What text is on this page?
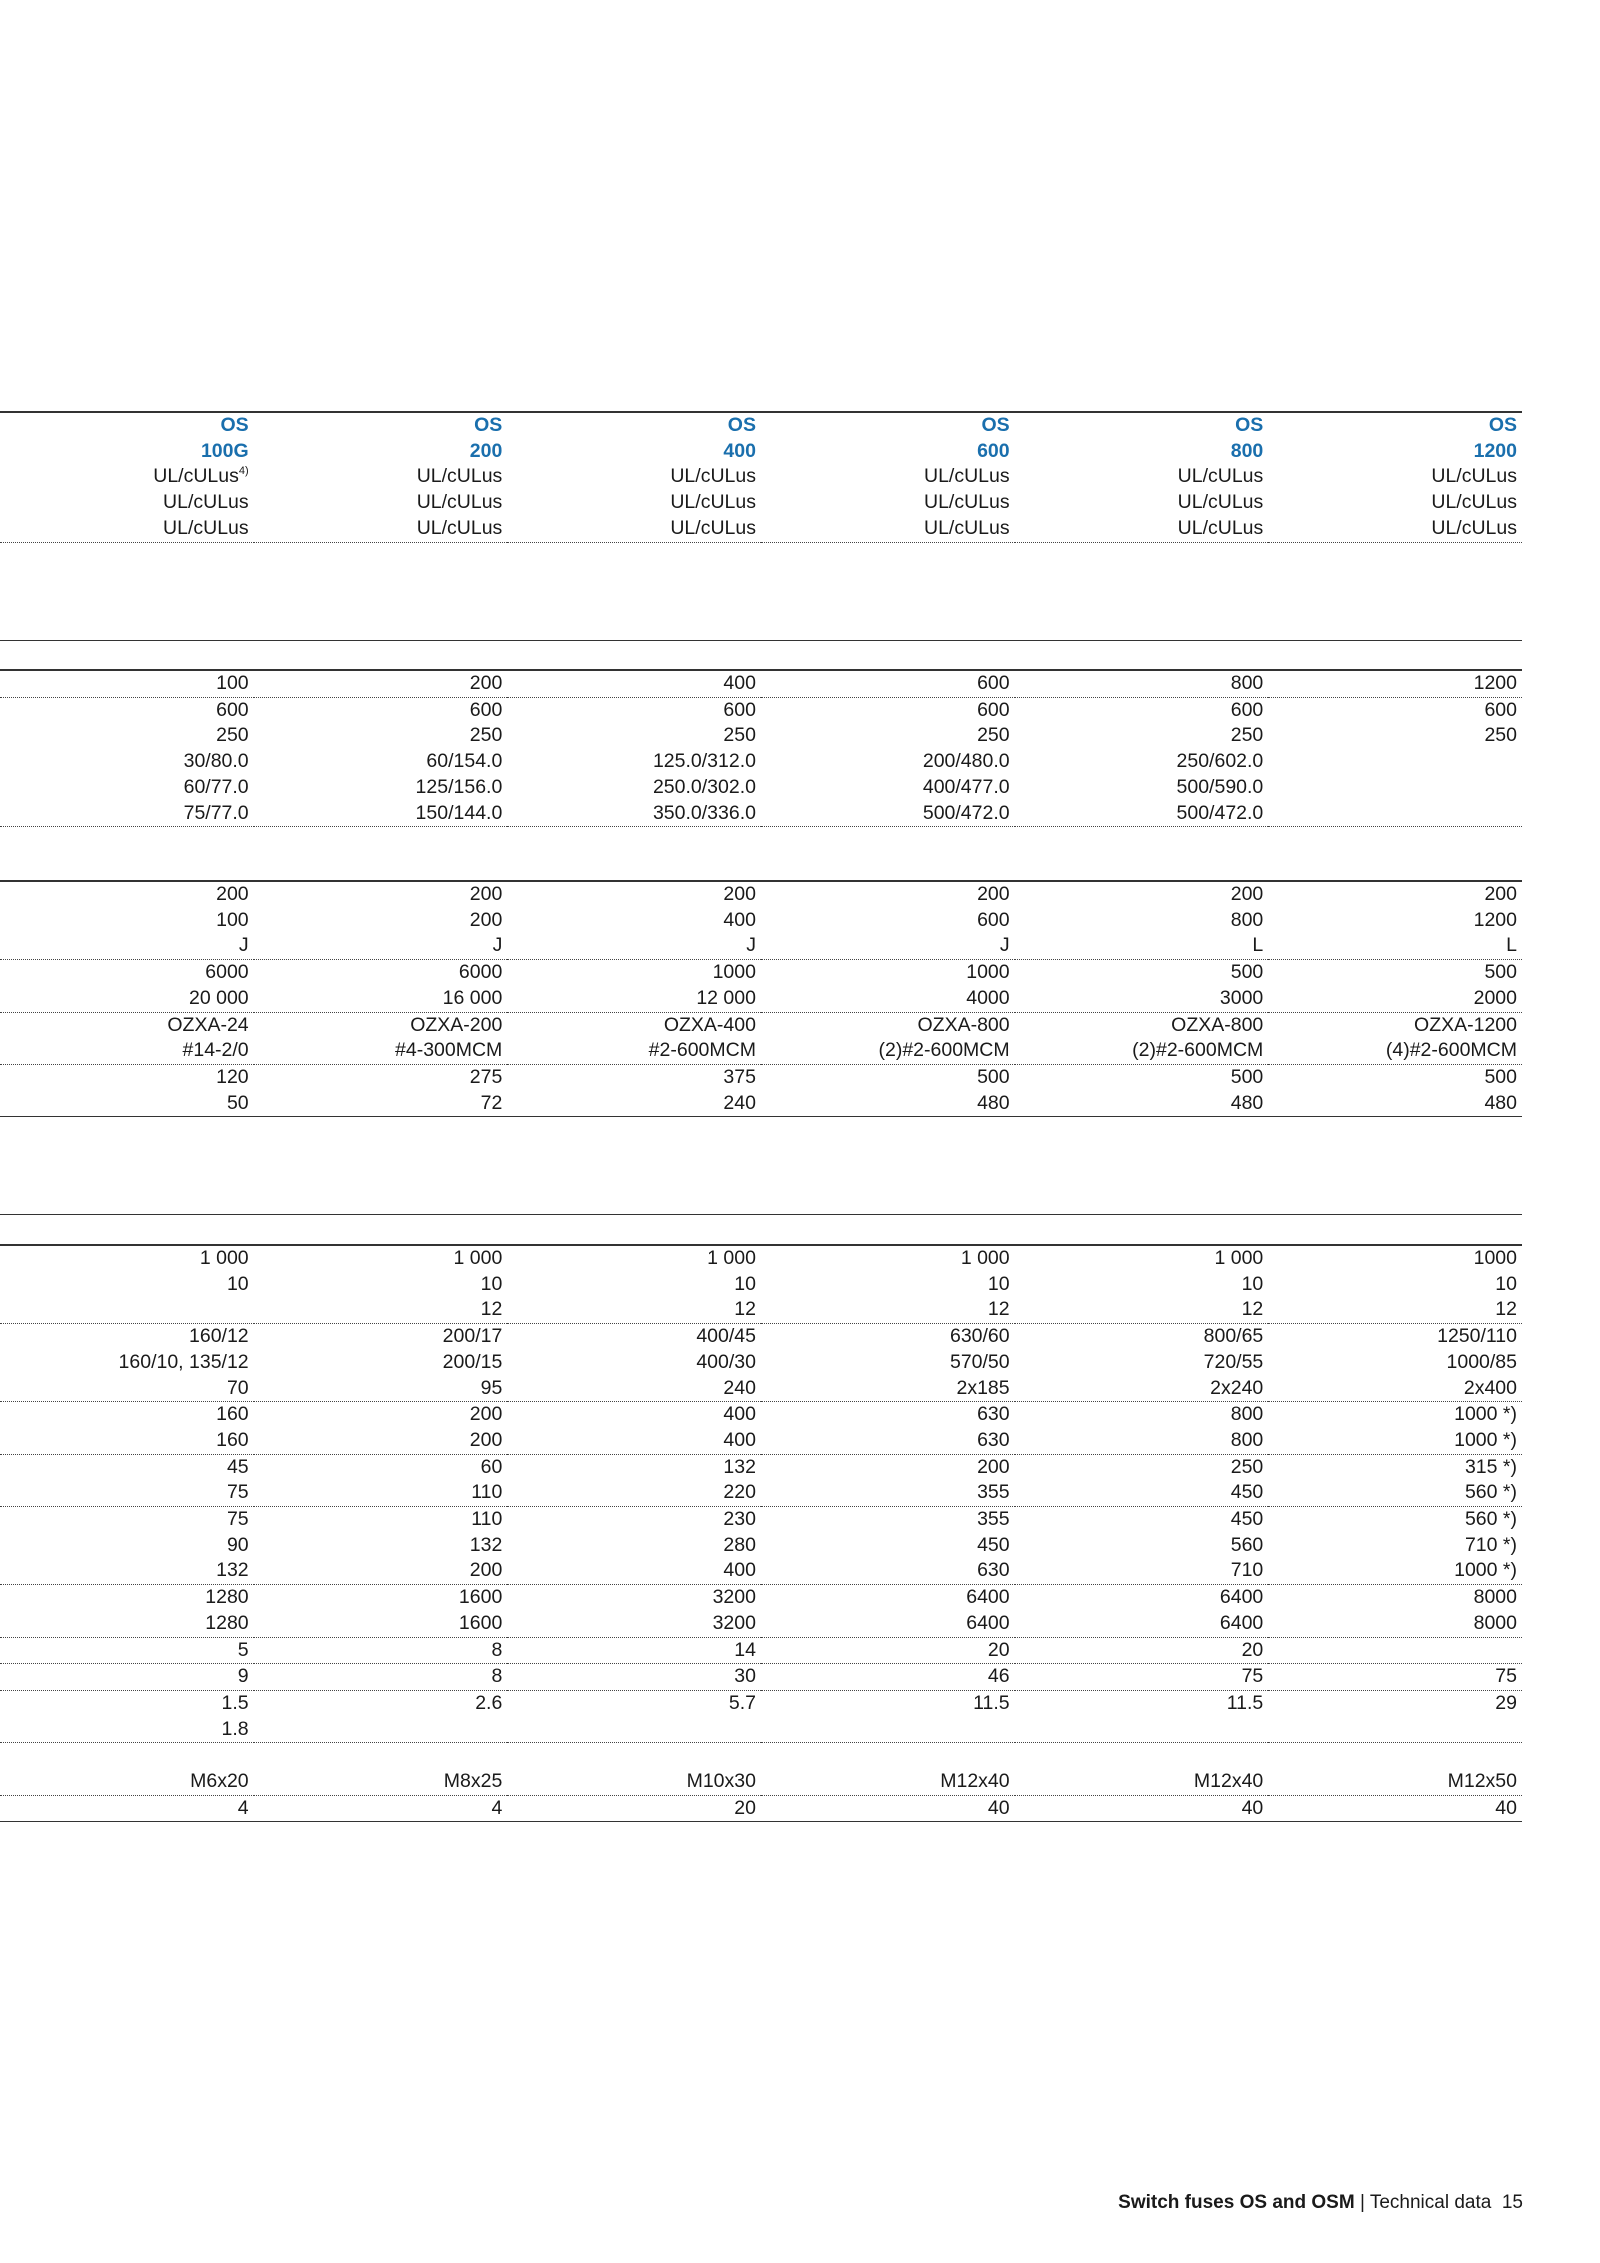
OS	OS	OS	OS	OS	OS
100G	200	400	600	800	1200
UL/cULus$^{4)}$	UL/cULus	UL/cULus	UL/cULus	UL/cULus	UL/cULus
UL/cULus	UL/cULus	UL/cULus	UL/cULus	UL/cULus	UL/cULus
UL/cULus	UL/cULus	UL/cULus	UL/cULus	UL/cULus	UL/cULus
100	200	400	600	800	1200
600	600	600	600	600	600
250	250	250	250	250	250
30/80.0	60/154.0	125.0/312.0	200/480.0	250/602.0	
60/77.0	125/156.0	250.0/302.0	400/477.0	500/590.0	
75/77.0	150/144.0	350.0/336.0	500/472.0	500/472.0	
200	200	200	200	200	200
100	200	400	600	800	1200
J	J	J	J	L	L
6000	6000	1000	1000	500	500
20 000	16 000	12 000	4000	3000	2000
OZXA-24	OZXA-200	OZXA-400	OZXA-800	OZXA-800	OZXA-1200
#14-2/0	#4-300MCM	#2-600MCM	(2)#2-600MCM	(2)#2-600MCM	(4)#2-600MCM
120	275	375	500	500	500
50	72	240	480	480	480
1 000	1 000	1 000	1 000	1 000	1000
10	10	10	10	10	10
	12	12	12	12	12
160/12	200/17	400/45	630/60	800/65	1250/110
160/10, 135/12	200/15	400/30	570/50	720/55	1000/85
70	95	240	2x185	2x240	2x400
160	200	400	630	800	1000 *)
160	200	400	630	800	1000 *)
45	60	132	200	250	315 *)
75	110	220	355	450	560 *)
75	110	230	355	450	560 *)
90	132	280	450	560	710 *)
132	200	400	630	710	1000 *)
1280	1600	3200	6400	6400	8000
1280	1600	3200	6400	6400	8000
5	8	14	20	20	
9	8	30	46	75	75
1.5	2.6	5.7	11.5	11.5	29
1.8					

M6x20	M8x25	M10x30	M12x40	M12x40	M12x50
4	4	20	40	40	40
Switch fuses OS and OSM | Technical data 15
